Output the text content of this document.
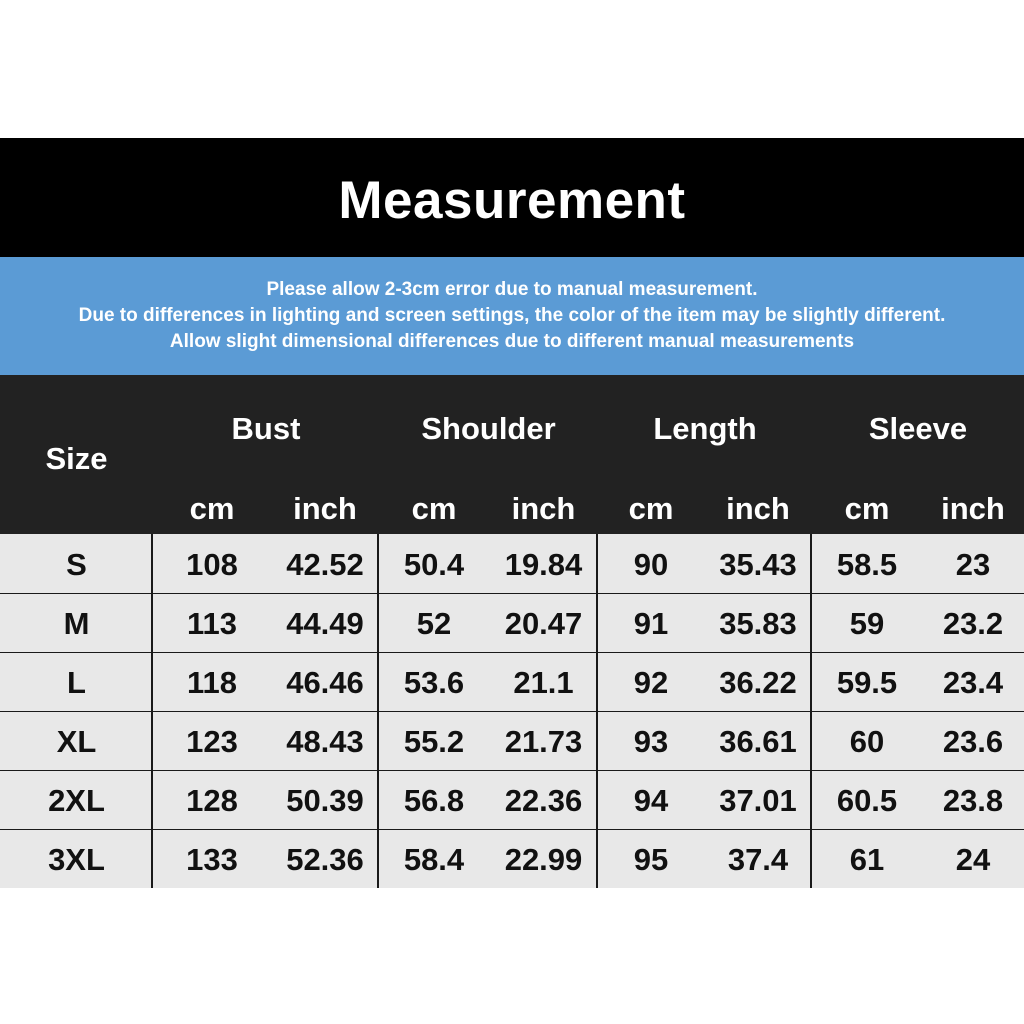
Measurement
Please allow 2-3cm error due to manual measurement.
Due to differences in lighting and screen settings, the color of the item may be slightly different.
Allow slight dimensional differences due to different manual measurements
Size
Bust	Shoulder	Length	Sleeve
cm	inch	cm	inch	cm	inch	cm	inch
S	108	42.52	50.4	19.84	90	35.43	58.5	23
M	113	44.49	52	20.47	91	35.83	59	23.2
L	118	46.46	53.6	21.1	92	36.22	59.5	23.4
XL	123	48.43	55.2	21.73	93	36.61	60	23.6
2XL	128	50.39	56.8	22.36	94	37.01	60.5	23.8
3XL	133	52.36	58.4	22.99	95	37.4	61	24
